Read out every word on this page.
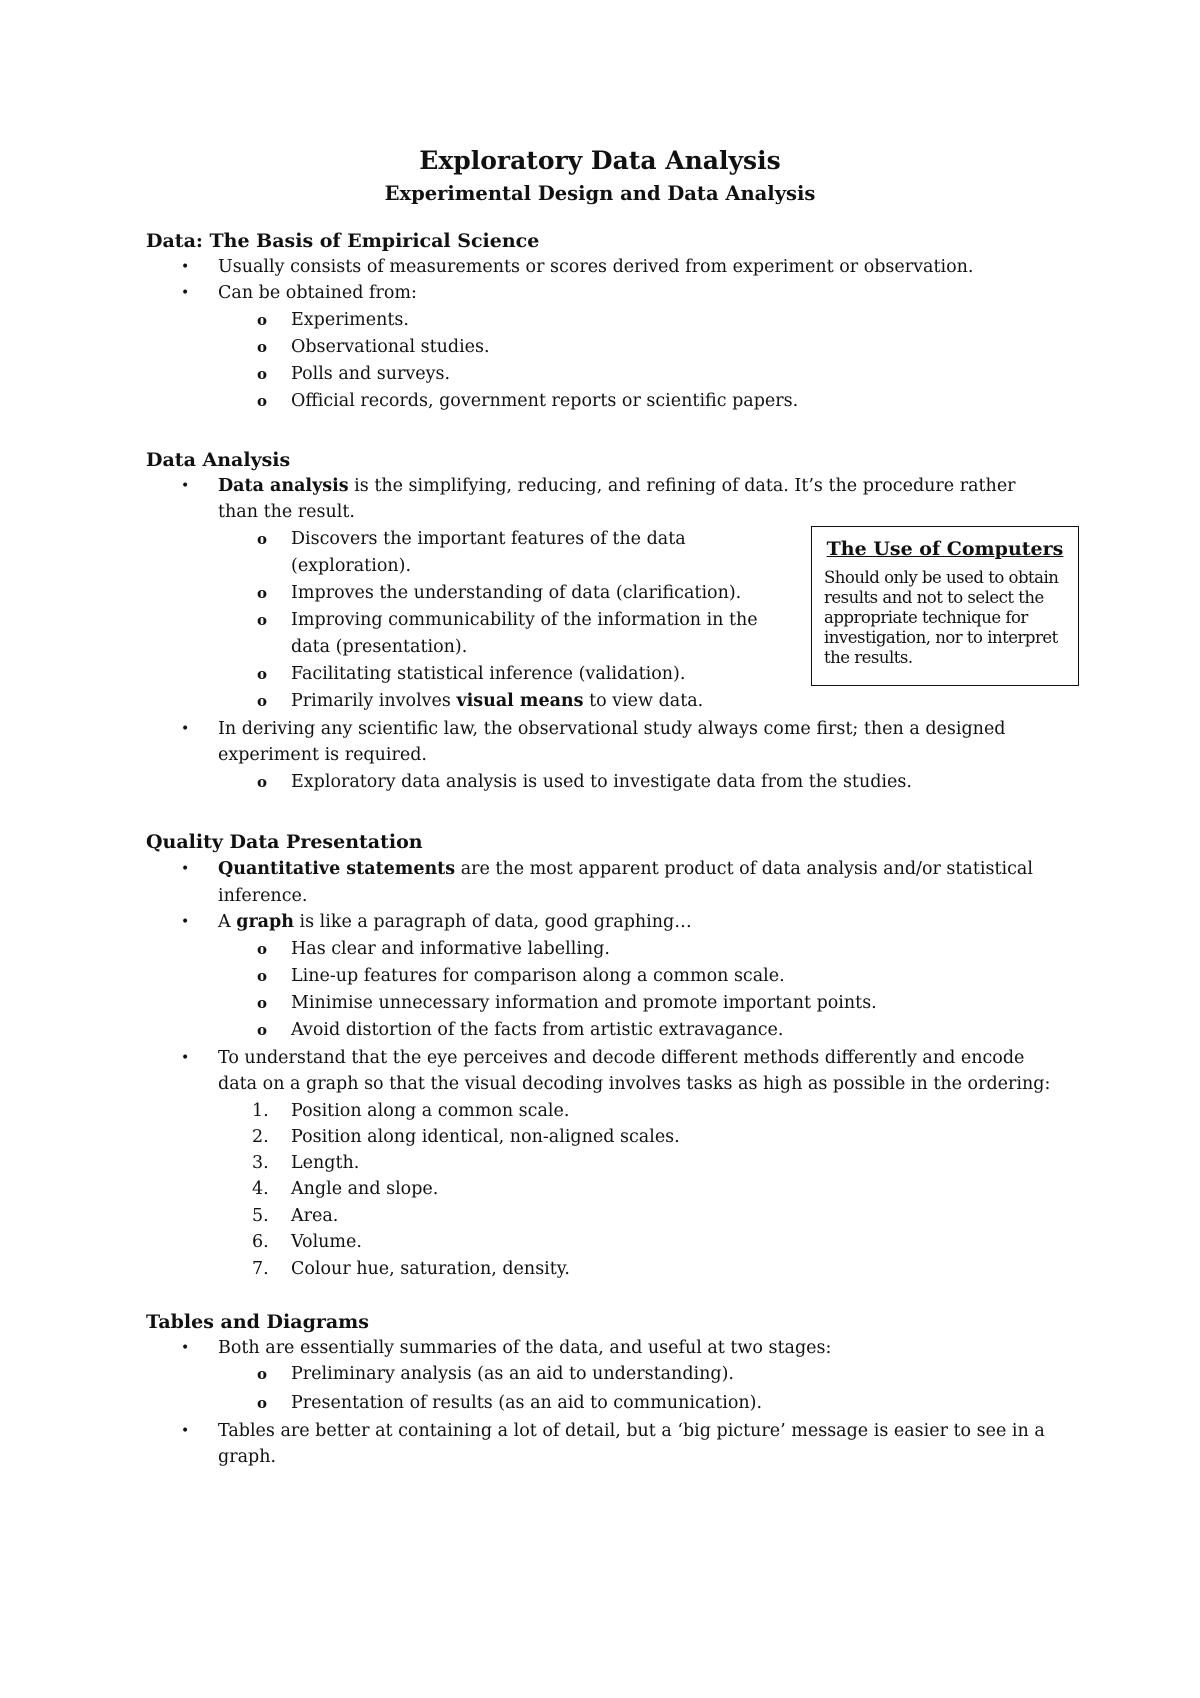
Exploratory Data Analysis
Experimental Design and Data Analysis
Data: The Basis of Empirical Science
• Usually consists of measurements or scores derived from experiment or observation.
• Can be obtained from:
o Experiments.
o Observational studies.
o Polls and surveys.
o Official records, government reports or scientific papers.
Data Analysis
• Data analysis is the simplifying, reducing, and refining of data. It’s the procedure rather
than the result.
o Discovers the important features of the data
(exploration).
o Improves the understanding of data (clarification).
o Improving communicability of the information in the
data (presentation).
o Facilitating statistical inference (validation).
o Primarily involves visual means to view data.
• In deriving any scientific law, the observational study always come first; then a designed
experiment is required.
o Exploratory data analysis is used to investigate data from the studies.
Quality Data Presentation
• Quantitative statements are the most apparent product of data analysis and/or statistical
inference.
• A graph is like a paragraph of data, good graphing…
o Has clear and informative labelling.
o Line-up features for comparison along a common scale.
o Minimise unnecessary information and promote important points.
o Avoid distortion of the facts from artistic extravagance.
• To understand that the eye perceives and decode different methods differently and encode
data on a graph so that the visual decoding involves tasks as high as possible in the ordering:
1. Position along a common scale.
2. Position along identical, non-aligned scales.
3. Length.
4. Angle and slope.
5. Area.
6. Volume.
7. Colour hue, saturation, density.
Tables and Diagrams
• Both are essentially summaries of the data, and useful at two stages:
o Preliminary analysis (as an aid to understanding).
o Presentation of results (as an aid to communication).
• Tables are better at containing a lot of detail, but a ‘big picture’ message is easier to see in a
graph.
The Use of Computers
Should only be used to obtain
results and not to select the
appropriate technique for
investigation, nor to interpret
the results.
